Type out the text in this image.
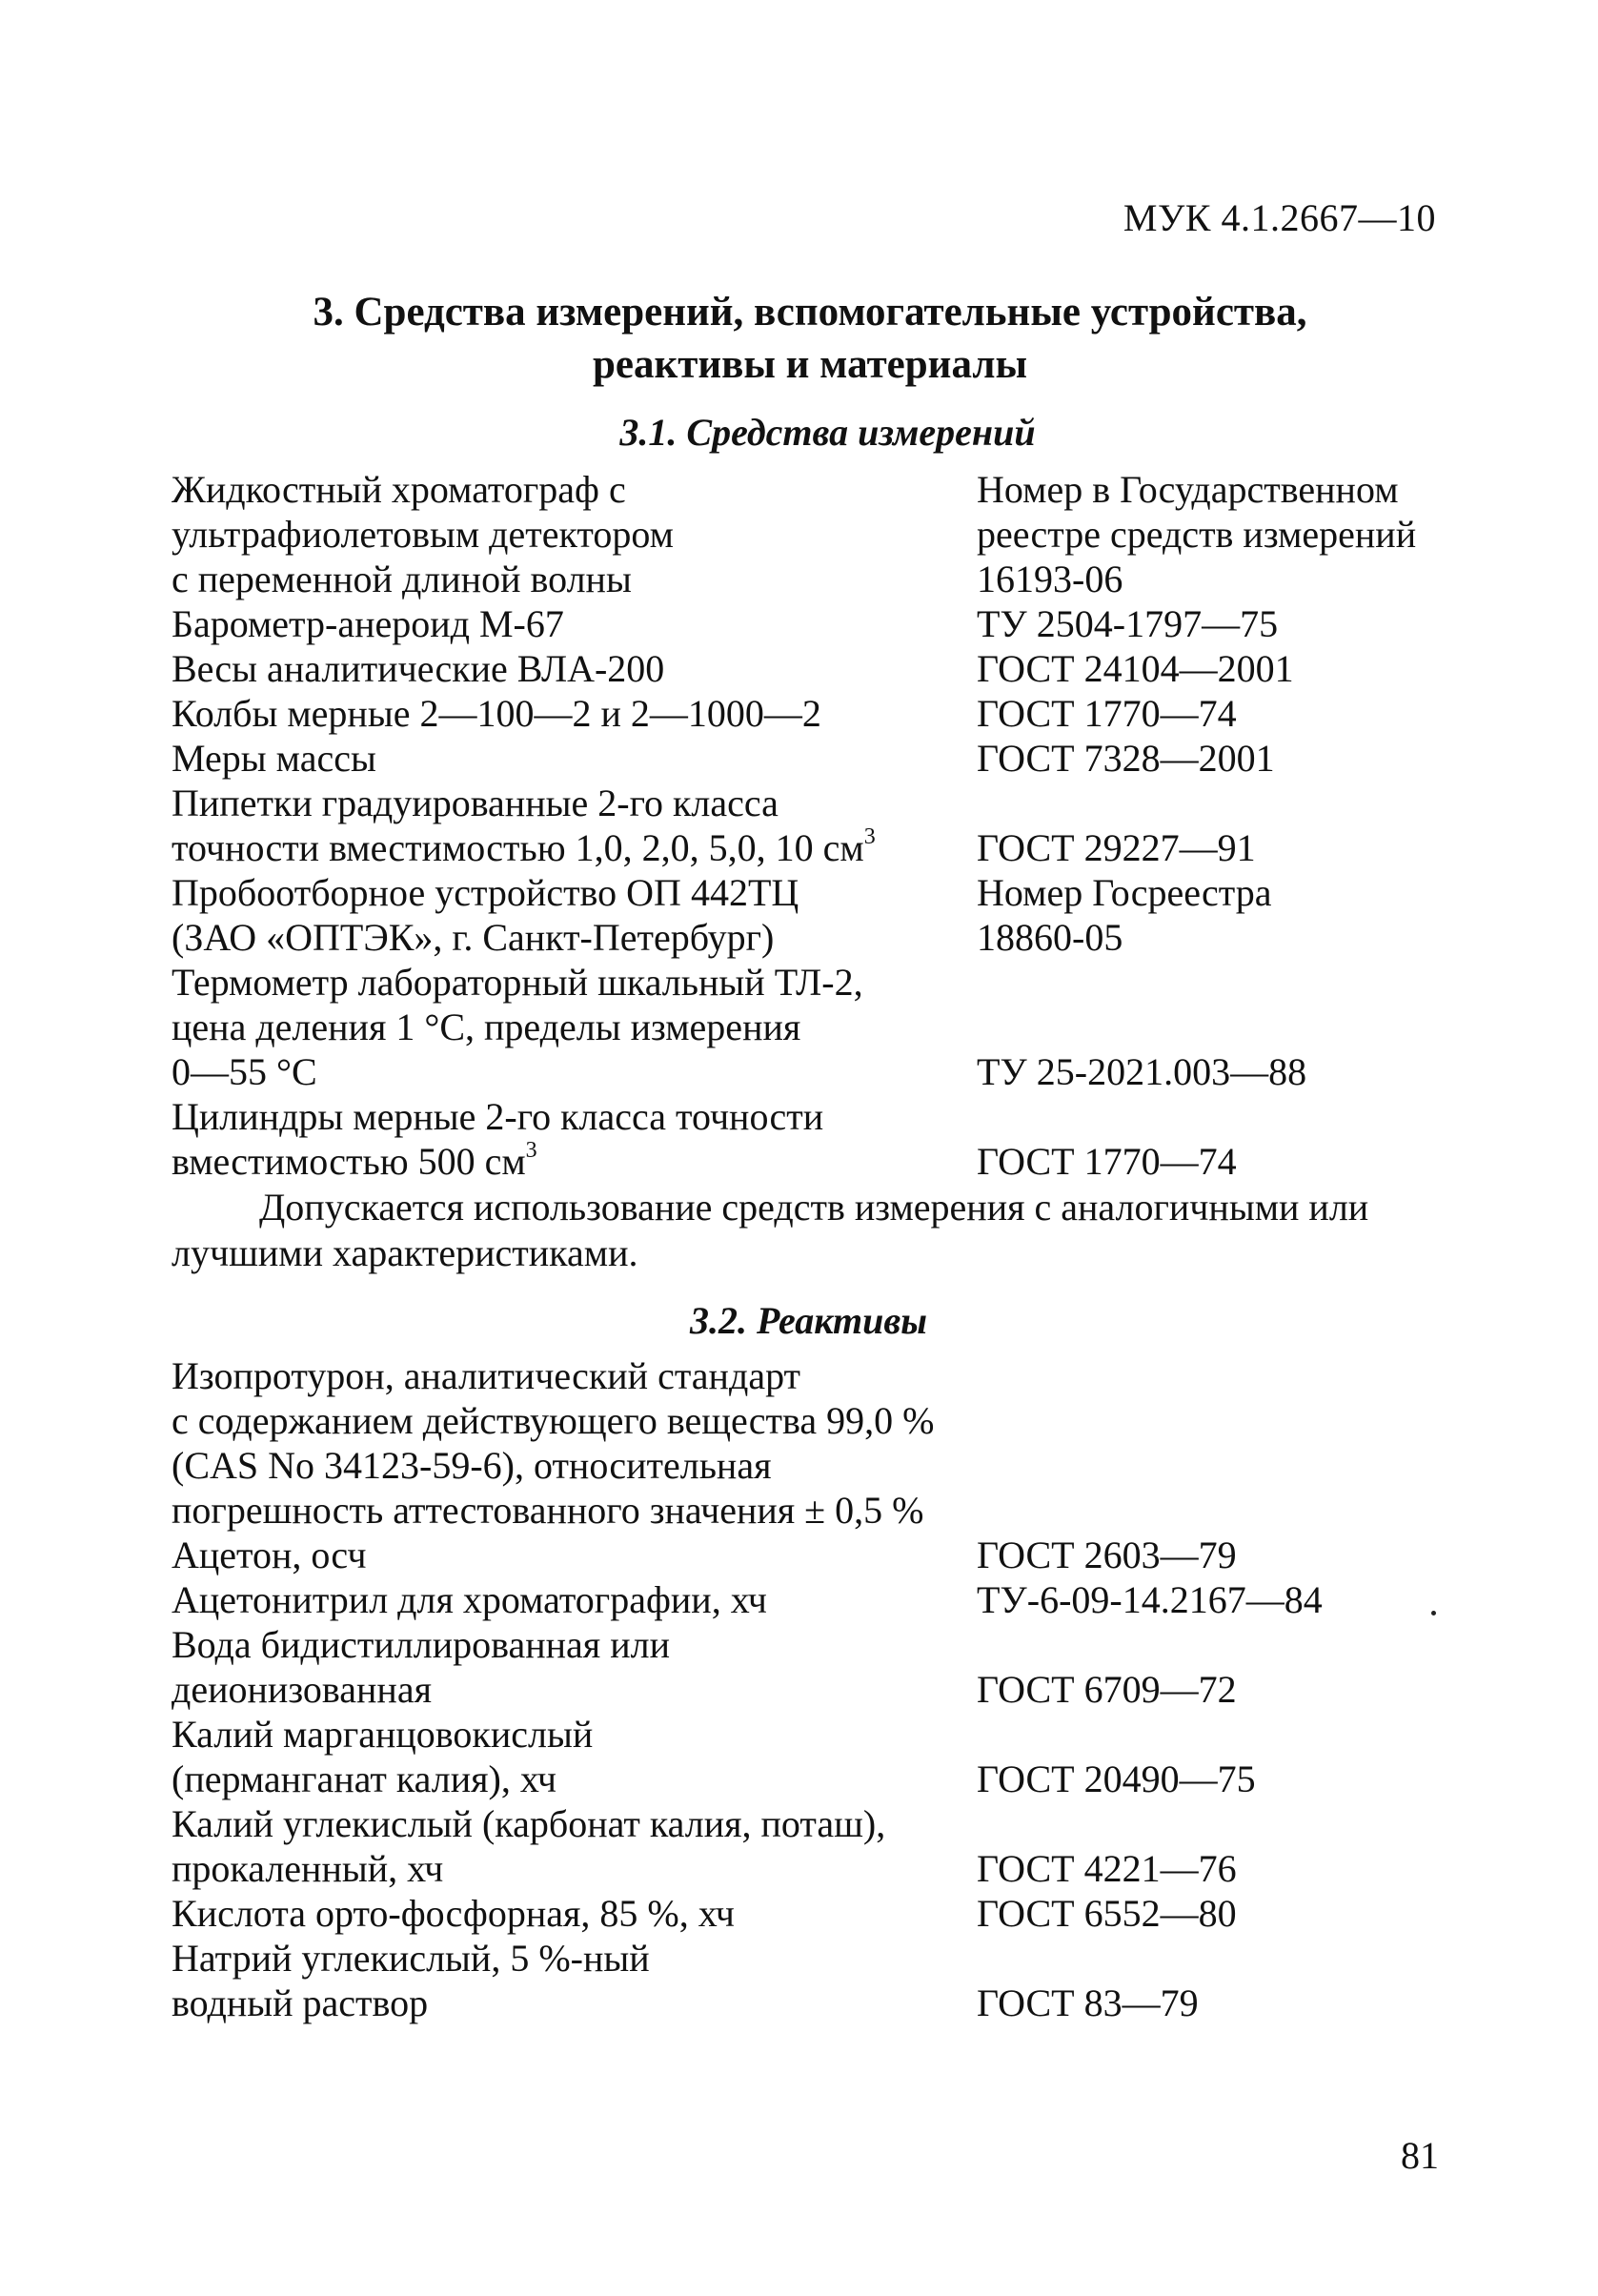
МУК 4.1.2667—10
3. Средства измерений, вспомогательные устройства,
реактивы и материалы
3.1. Средства измерений
Жидкостный хроматограф с	Номер в Государственном
ультрафиолетовым детектором	реестре средств измерений
с переменной длиной волны	16193-06
Барометр-анероид М-67	ТУ 2504-1797—75
Весы аналитические ВЛА-200	ГОСТ 24104—2001
Колбы мерные 2—100—2 и 2—1000—2	ГОСТ 1770—74
Меры массы	ГОСТ 7328—2001
Пипетки градуированные 2-го класса
точности вместимостью 1,0, 2,0, 5,0, 10 $см^3$	ГОСТ 29227—91
Пробоотборное устройство ОП 442ТЦ	Номер Госреестра
(ЗАО «ОПТЭК», г. Санкт-Петербург)	18860-05
Термометр лабораторный шкальный ТЛ-2,
цена деления 1 °С, пределы измерения
0—55 °С	ТУ 25-2021.003—88
Цилиндры мерные 2-го класса точности
вместимостью 500 $см^3$	ГОСТ 1770—74
Допускается использование средств измерения с аналогичными или лучшими характеристиками.
3.2. Реактивы
Изопротурон, аналитический стандарт
с содержанием действующего вещества 99,0 %
(CAS No 34123-59-6), относительная
погрешность аттестованного значения ± 0,5 %
Ацетон, осч	ГОСТ 2603—79
Ацетонитрил для хроматографии, хч	ТУ-6-09-14.2167—84
Вода бидистиллированная или
деионизованная	ГОСТ 6709—72
Калий марганцовокислый
(перманганат калия), хч	ГОСТ 20490—75
Калий углекислый (карбонат калия, поташ),
прокаленный, хч	ГОСТ 4221—76
Кислота орто-фосфорная, 85 %, хч	ГОСТ 6552—80
Натрий углекислый, 5 %-ный
водный раствор	ГОСТ 83—79
81
